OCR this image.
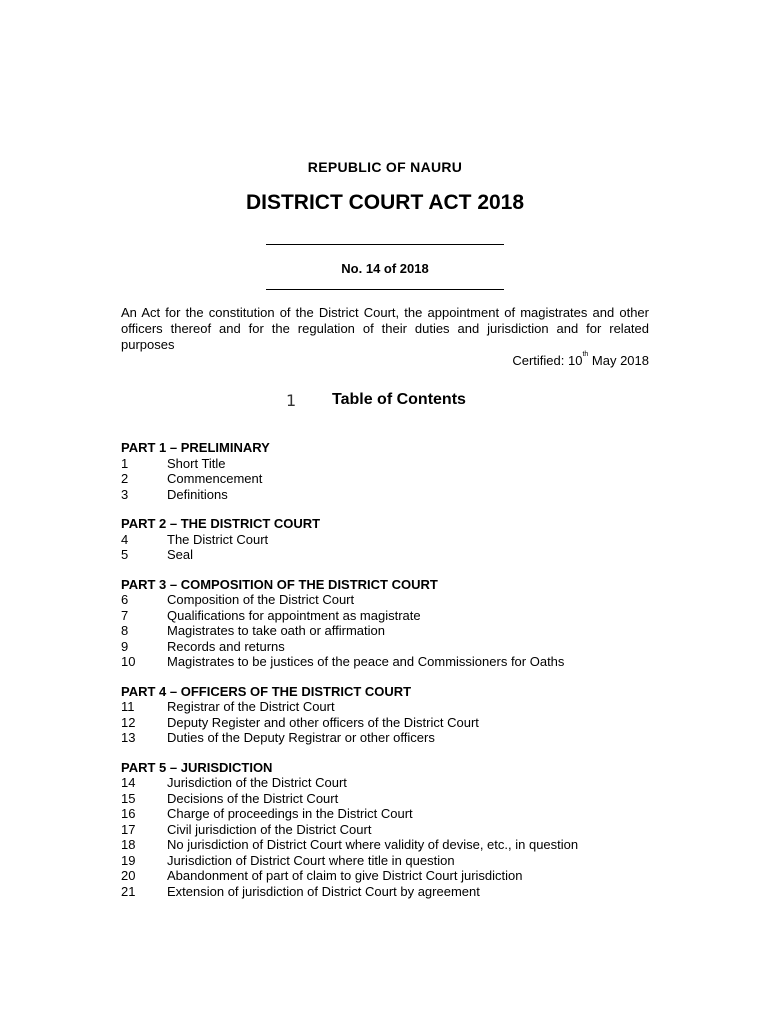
REPUBLIC OF NAURU
DISTRICT COURT ACT 2018
No. 14 of 2018
An Act for the constitution of the District Court, the appointment of magistrates and other officers thereof and for the regulation of their duties and jurisdiction and for related purposes
Certified: 10th May 2018
1 Table of Contents
PART 1 – PRELIMINARY
1	Short Title
2	Commencement
3	Definitions
PART 2 – THE DISTRICT COURT
4	The District Court
5	Seal
PART 3 – COMPOSITION OF THE DISTRICT COURT
6	Composition of the District Court
7	Qualifications for appointment as magistrate
8	Magistrates to take oath or affirmation
9	Records and returns
10	Magistrates to be justices of the peace and Commissioners for Oaths
PART 4 – OFFICERS OF THE DISTRICT COURT
11	Registrar of the District Court
12	Deputy Register and other officers of the District Court
13	Duties of the Deputy Registrar or other officers
PART 5 – JURISDICTION
14	Jurisdiction of the District Court
15	Decisions of the District Court
16	Charge of proceedings in the District Court
17	Civil jurisdiction of the District Court
18	No jurisdiction of District Court where validity of devise, etc., in question
19	Jurisdiction of District Court where title in question
20	Abandonment of part of claim to give District Court jurisdiction
21	Extension of jurisdiction of District Court by agreement
